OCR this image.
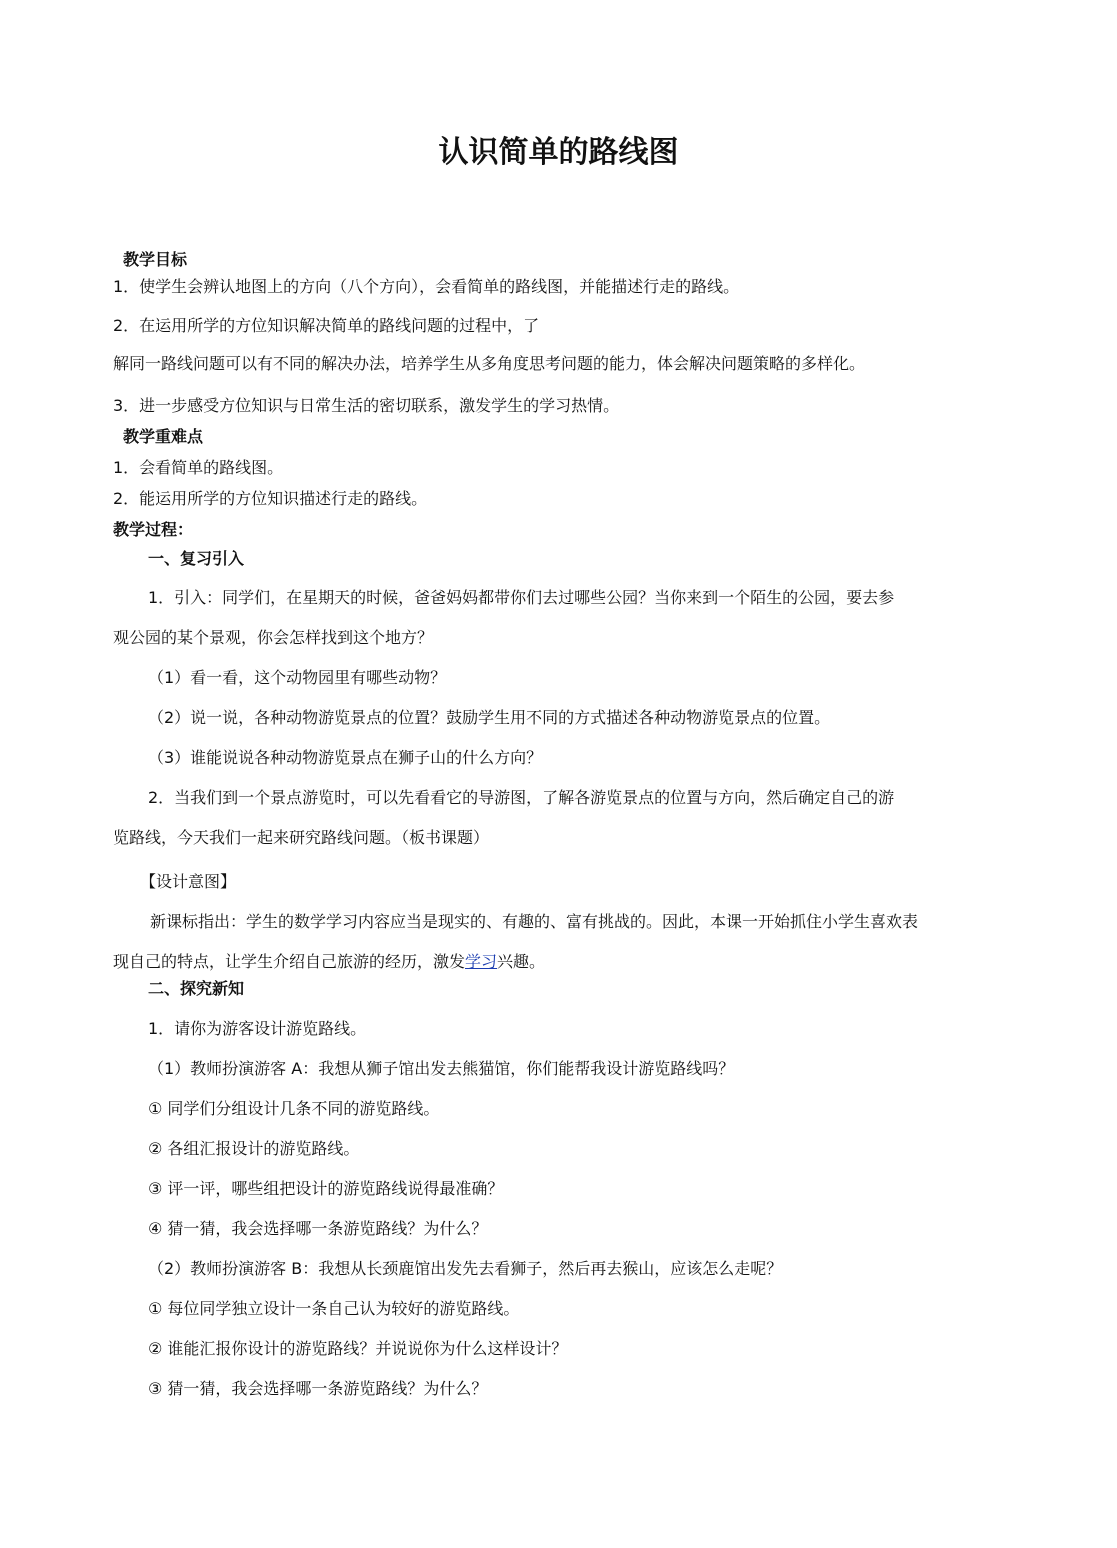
认识简单的路线图
教学目标
1．使学生会辨认地图上的方向（八个方向），会看简单的路线图，并能描述行走的路线。
2．在运用所学的方位知识解决简单的路线问题的过程中，了
解同一路线问题可以有不同的解决办法，培养学生从多角度思考问题的能力，体会解决问题策略的多样化。
3．进一步感受方位知识与日常生活的密切联系，激发学生的学习热情。
教学重难点
1．会看简单的路线图。
2．能运用所学的方位知识描述行走的路线。
教学过程：
一、复习引入
1．引入：同学们，在星期天的时候，爸爸妈妈都带你们去过哪些公园？当你来到一个陌生的公园，要去参
观公园的某个景观，你会怎样找到这个地方？
（1）看一看，这个动物园里有哪些动物？
（2）说一说，各种动物游览景点的位置？鼓励学生用不同的方式描述各种动物游览景点的位置。
（3）谁能说说各种动物游览景点在狮子山的什么方向？
2．当我们到一个景点游览时，可以先看看它的导游图，了解各游览景点的位置与方向，然后确定自己的游
览路线，今天我们一起来研究路线问题。（板书课题）
【设计意图】
新课标指出：学生的数学学习内容应当是现实的、有趣的、富有挑战的。因此，本课一开始抓住小学生喜欢表
现自己的特点，让学生介绍自己旅游的经历，激发学习兴趣。
二、探究新知
1．请你为游客设计游览路线。
（1）教师扮演游客 A：我想从狮子馆出发去熊猫馆，你们能帮我设计游览路线吗？
① 同学们分组设计几条不同的游览路线。
② 各组汇报设计的游览路线。
③ 评一评，哪些组把设计的游览路线说得最准确？
④ 猜一猜，我会选择哪一条游览路线？为什么？
（2）教师扮演游客 B：我想从长颈鹿馆出发先去看狮子，然后再去猴山，应该怎么走呢？
① 每位同学独立设计一条自己认为较好的游览路线。
② 谁能汇报你设计的游览路线？并说说你为什么这样设计？
③ 猜一猜，我会选择哪一条游览路线？为什么？
